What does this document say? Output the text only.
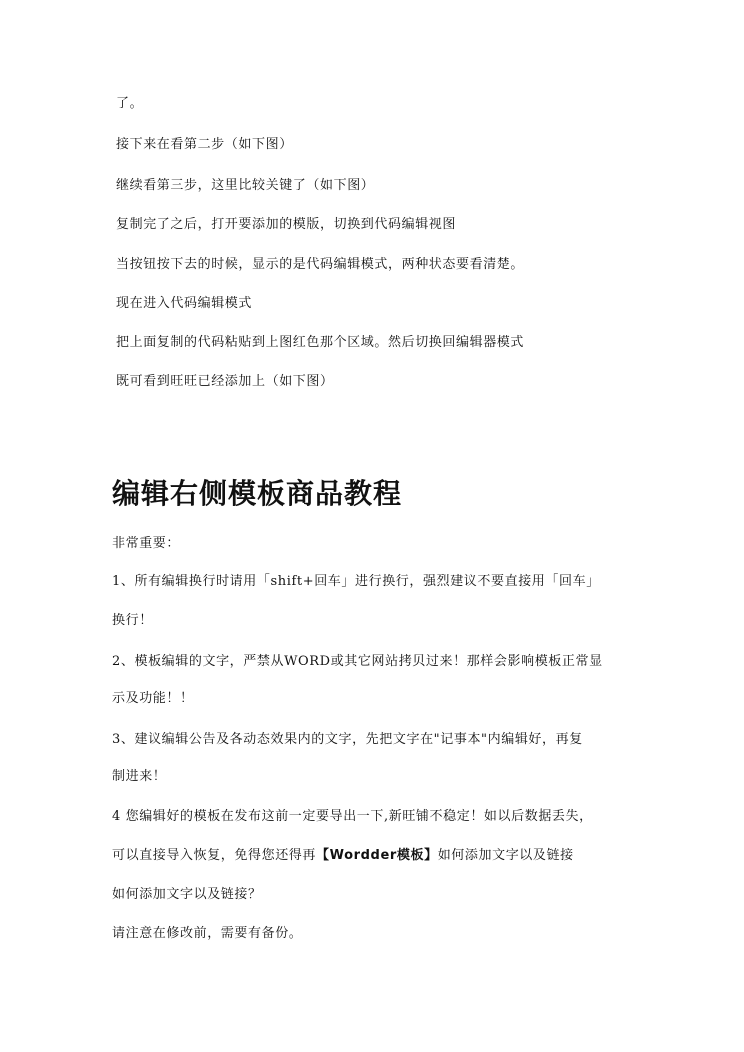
了。
接下来在看第二步（如下图）
继续看第三步，这里比较关键了（如下图）
复制完了之后，打开要添加的模版，切换到代码编辑视图
当按钮按下去的时候，显示的是代码编辑模式，两种状态要看清楚。
现在进入代码编辑模式
把上面复制的代码粘贴到上图红色那个区域。然后切换回编辑器模式
既可看到旺旺已经添加上（如下图）
编辑右侧模板商品教程
非常重要：
1、所有编辑换行时请用「shift+回车」进行换行，强烈建议不要直接用「回车」
换行！
2、模板编辑的文字，严禁从WORD或其它网站拷贝过来！那样会影响模板正常显
示及功能！！
3、建议编辑公告及各动态效果内的文字，先把文字在"记事本"内编辑好，再复
制进来！
4 您编辑好的模板在发布这前一定要导出一下,新旺铺不稳定！如以后数据丢失，
可以直接导入恢复，免得您还得再【Wordder模板】如何添加文字以及链接
如何添加文字以及链接？
请注意在修改前，需要有备份。
